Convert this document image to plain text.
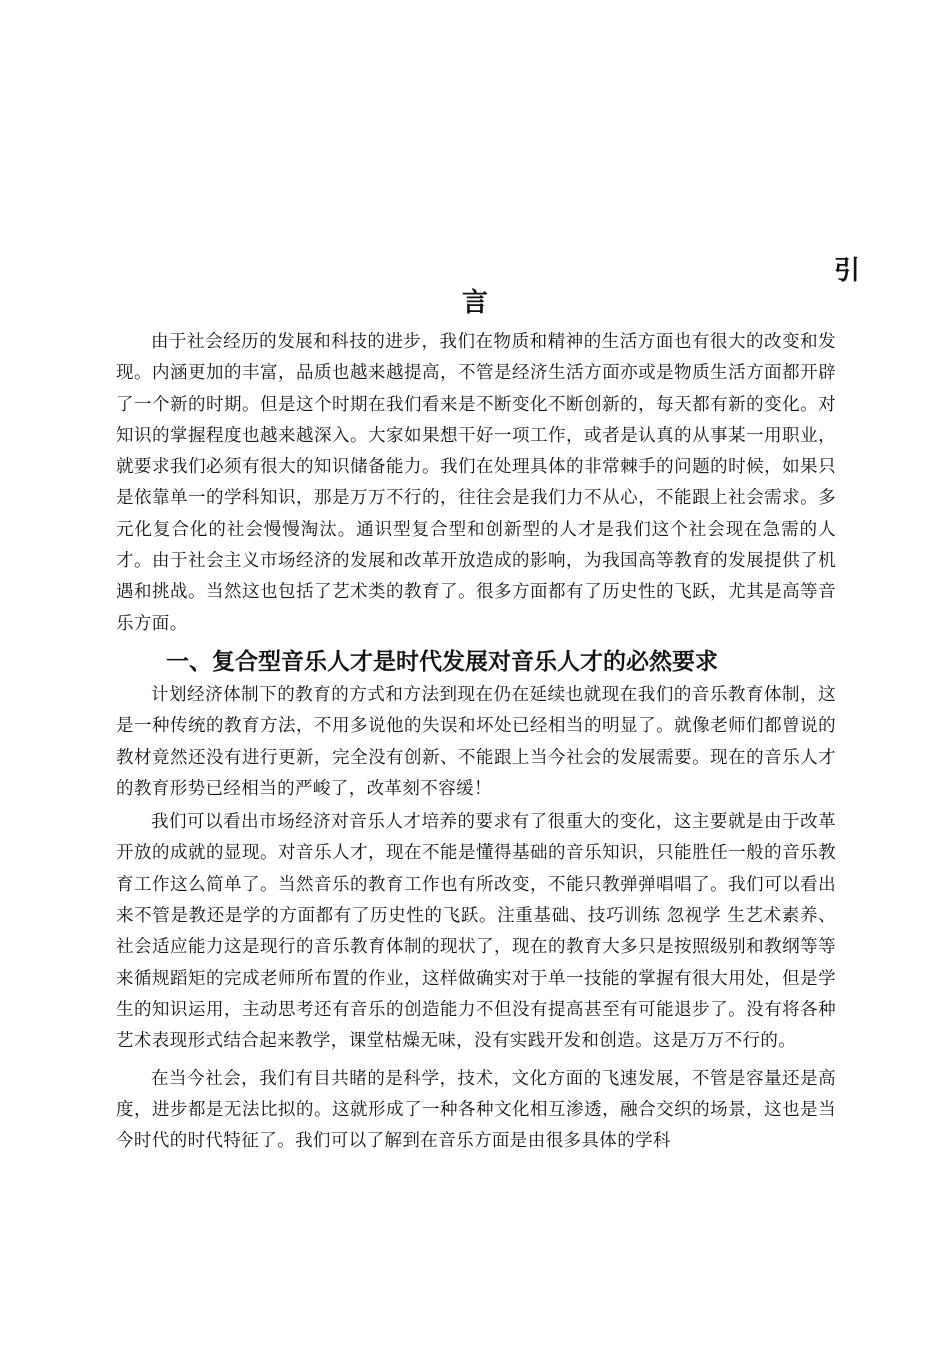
引
言

由于社会经历的发展和科技的进步，我们在物质和精神的生活方面也有很大的改变和发现。内涵更加的丰富，品质也越来越提高，不管是经济生活方面亦或是物质生活方面都开辟了一个新的时期。但是这个时期在我们看来是不断变化不断创新的，每天都有新的变化。对知识的掌握程度也越来越深入。大家如果想干好一项工作，或者是认真的从事某一用职业，就要求我们必须有很大的知识储备能力。我们在处理具体的非常棘手的问题的时候，如果只是依靠单一的学科知识，那是万万不行的，往往会是我们力不从心，不能跟上社会需求。多元化复合化的社会慢慢淘汰。通识型复合型和创新型的人才是我们这个社会现在急需的人才。由于社会主义市场经济的发展和改革开放造成的影响，为我国高等教育的发展提供了机遇和挑战。当然这也包括了艺术类的教育了。很多方面都有了历史性的飞跃，尤其是高等音乐方面。

一、复合型音乐人才是时代发展对音乐人才的必然要求

计划经济体制下的教育的方式和方法到现在仍在延续也就现在我们的音乐教育体制，这是一种传统的教育方法，不用多说他的失误和坏处已经相当的明显了。就像老师们都曾说的教材竟然还没有进行更新，完全没有创新、不能跟上当今社会的发展需要。现在的音乐人才的教育形势已经相当的严峻了，改革刻不容缓！

我们可以看出市场经济对音乐人才培养的要求有了很重大的变化，这主要就是由于改革开放的成就的显现。对音乐人才，现在不能是懂得基础的音乐知识，只能胜任一般的音乐教育工作这么简单了。当然音乐的教育工作也有所改变，不能只教弹弹唱唱了。我们可以看出来不管是教还是学的方面都有了历史性的飞跃。注重基础、技巧训练 忽视学 生艺术素养、社会适应能力这是现行的音乐教育体制的现状了，现在的教育大多只是按照级别和教纲等等来循规蹈矩的完成老师所布置的作业，这样做确实对于单一技能的掌握有很大用处，但是学生的知识运用，主动思考还有音乐的创造能力不但没有提高甚至有可能退步了。没有将各种艺术表现形式结合起来教学，课堂枯燥无味，没有实践开发和创造。这是万万不行的。

在当今社会，我们有目共睹的是科学，技术，文化方面的飞速发展，不管是容量还是高度，进步都是无法比拟的。这就形成了一种各种文化相互渗透，融合交织的场景，这也是当今时代的时代特征了。我们可以了解到在音乐方面是由很多具体的学科
